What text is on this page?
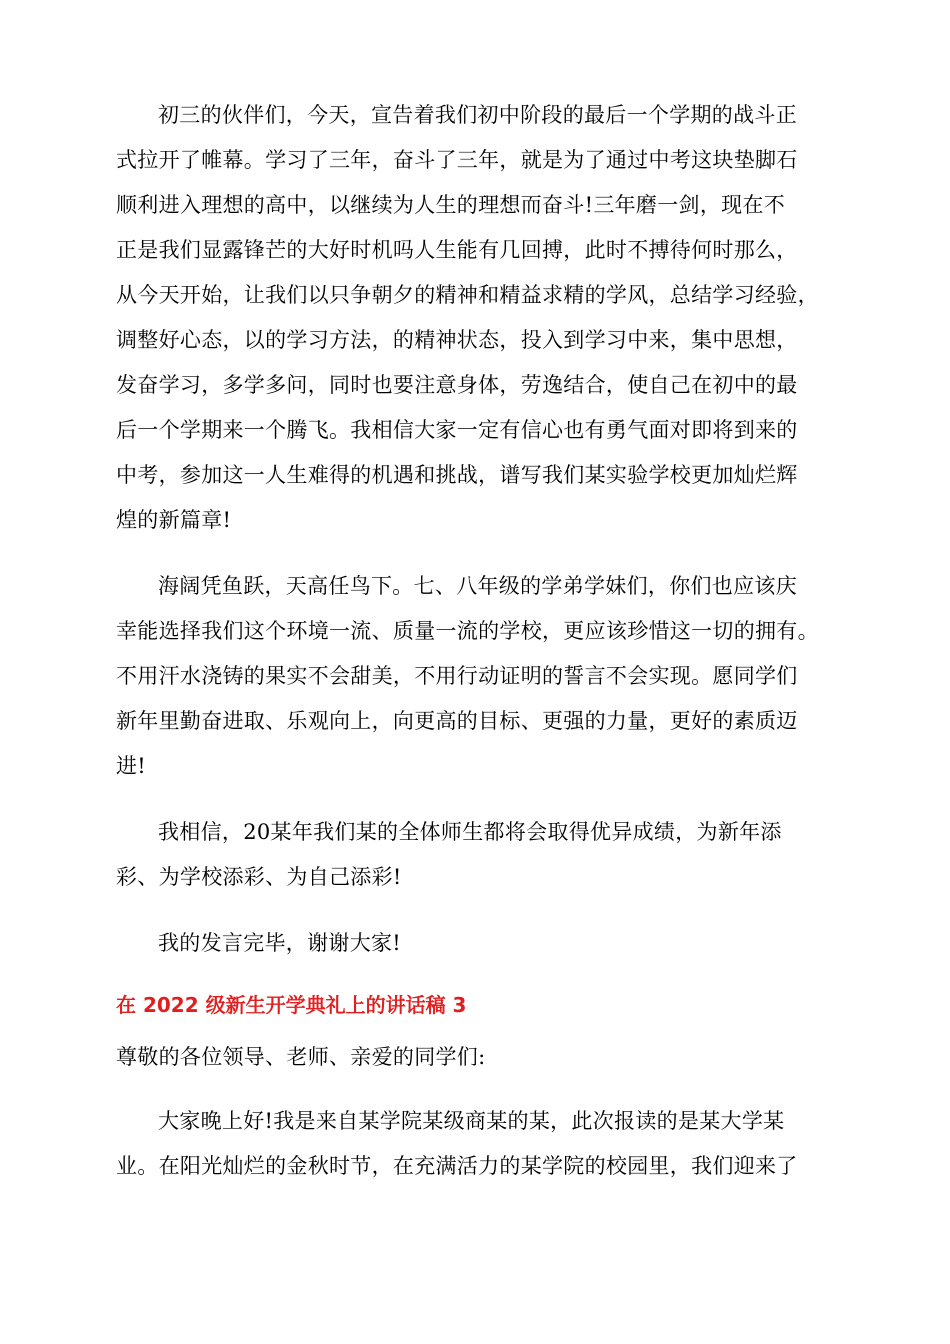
初三的伙伴们，今天，宣告着我们初中阶段的最后一个学期的战斗正
式拉开了帷幕。学习了三年，奋斗了三年，就是为了通过中考这块垫脚石
顺利进入理想的高中，以继续为人生的理想而奋斗!三年磨一剑，现在不
正是我们显露锋芒的大好时机吗人生能有几回搏，此时不搏待何时那么，
从今天开始，让我们以只争朝夕的精神和精益求精的学风，总结学习经验，
调整好心态，以的学习方法，的精神状态，投入到学习中来，集中思想，
发奋学习，多学多问，同时也要注意身体，劳逸结合，使自己在初中的最
后一个学期来一个腾飞。我相信大家一定有信心也有勇气面对即将到来的
中考，参加这一人生难得的机遇和挑战，谱写我们某实验学校更加灿烂辉
煌的新篇章!

海阔凭鱼跃，天高任鸟下。七、八年级的学弟学妹们，你们也应该庆
幸能选择我们这个环境一流、质量一流的学校，更应该珍惜这一切的拥有。
不用汗水浇铸的果实不会甜美，不用行动证明的誓言不会实现。愿同学们
新年里勤奋进取、乐观向上，向更高的目标、更强的力量，更好的素质迈
进!

我相信，20某年我们某的全体师生都将会取得优异成绩，为新年添
彩、为学校添彩、为自己添彩!

我的发言完毕，谢谢大家!

在 2022 级新生开学典礼上的讲话稿 3

尊敬的各位领导、老师、亲爱的同学们:

大家晚上好!我是来自某学院某级商某的某，此次报读的是某大学某
业。在阳光灿烂的金秋时节，在充满活力的某学院的校园里，我们迎来了
